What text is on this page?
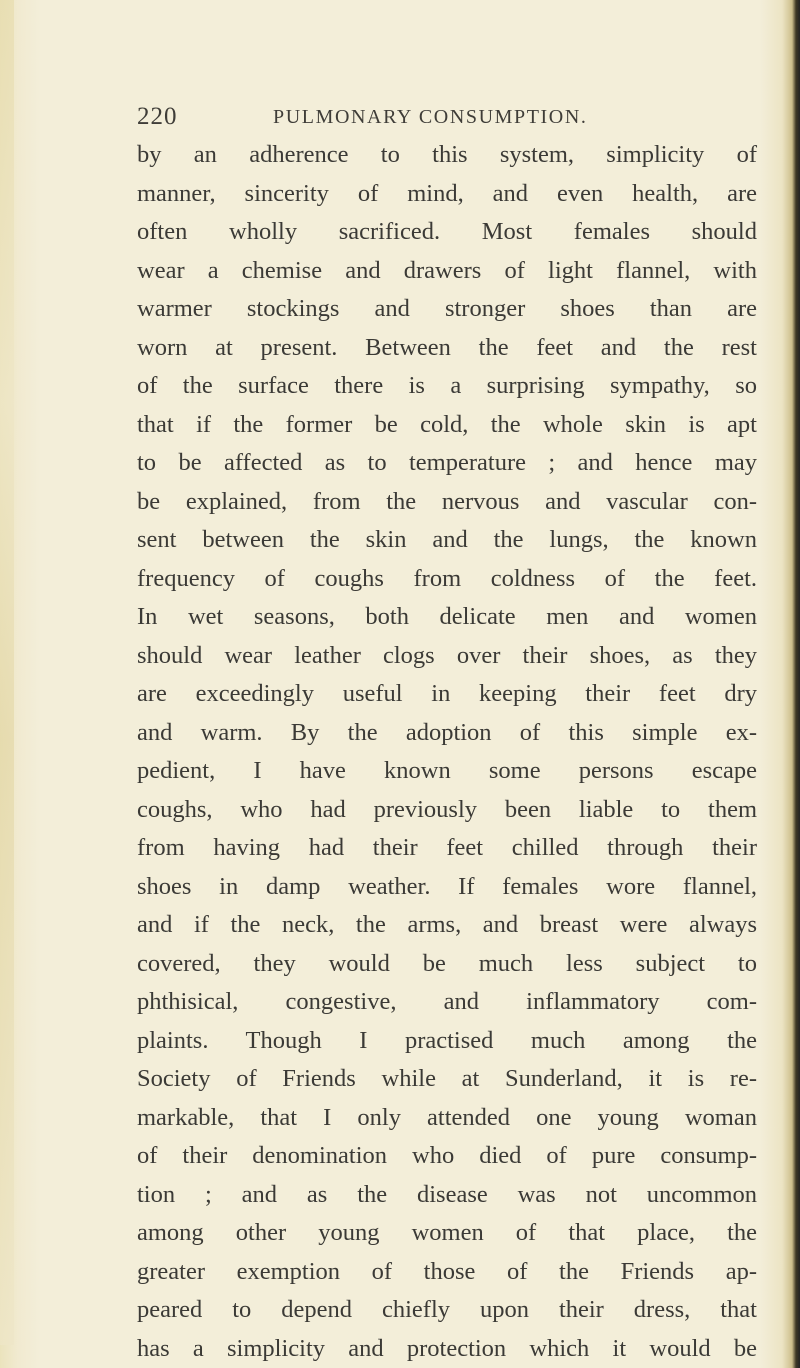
220	PULMONARY CONSUMPTION.
by an adherence to this system, simplicity of
manner, sincerity of mind, and even health, are
often wholly sacrificed. Most females should
wear a chemise and drawers of light flannel, with
warmer stockings and stronger shoes than are
worn at present. Between the feet and the rest
of the surface there is a surprising sympathy, so
that if the former be cold, the whole skin is apt
to be affected as to temperature ; and hence may
be explained, from the nervous and vascular con-
sent between the skin and the lungs, the known
frequency of coughs from coldness of the feet.
In wet seasons, both delicate men and women
should wear leather clogs over their shoes, as they
are exceedingly useful in keeping their feet dry
and warm. By the adoption of this simple ex-
pedient, I have known some persons escape
coughs, who had previously been liable to them
from having had their feet chilled through their
shoes in damp weather. If females wore flannel,
and if the neck, the arms, and breast were always
covered, they would be much less subject to
phthisical, congestive, and inflammatory com-
plaints. Though I practised much among the
Society of Friends while at Sunderland, it is re-
markable, that I only attended one young woman
of their denomination who died of pure consump-
tion ; and as the disease was not uncommon
among other young women of that place, the
greater exemption of those of the Friends ap-
peared to depend chiefly upon their dress, that
has a simplicity and protection which it would be
